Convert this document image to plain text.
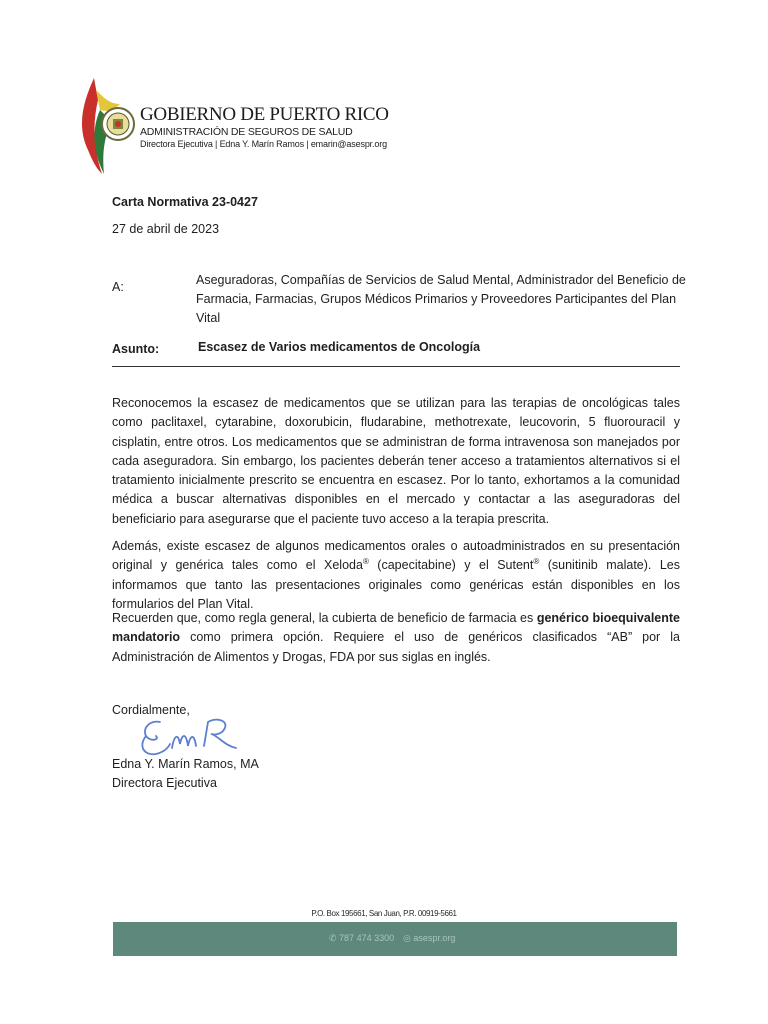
GOBIERNO DE PUERTO RICO
ADMINISTRACIÓN DE SEGUROS DE SALUD
Directora Ejecutiva | Edna Y. Marín Ramos | emarin@asespr.org
Carta Normativa 23-0427
27 de abril de 2023
A:	Aseguradoras, Compañías de Servicios de Salud Mental, Administrador del Beneficio de Farmacia, Farmacias, Grupos Médicos Primarios y Proveedores Participantes del Plan Vital
Asunto:	Escasez de Varios medicamentos de Oncología
Reconocemos la escasez de medicamentos que se utilizan para las terapias de oncológicas tales como paclitaxel, cytarabine, doxorubicin, fludarabine, methotrexate, leucovorin, 5 fluorouracil y cisplatin, entre otros. Los medicamentos que se administran de forma intravenosa son manejados por cada aseguradora. Sin embargo, los pacientes deberán tener acceso a tratamientos alternativos si el tratamiento inicialmente prescrito se encuentra en escasez. Por lo tanto, exhortamos a la comunidad médica a buscar alternativas disponibles en el mercado y contactar a las aseguradoras del beneficiario para asegurarse que el paciente tuvo acceso a la terapia prescrita.
Además, existe escasez de algunos medicamentos orales o autoadministrados en su presentación original y genérica tales como el Xeloda® (capecitabine) y el Sutent® (sunitinib malate). Les informamos que tanto las presentaciones originales como genéricas están disponibles en los formularios del Plan Vital.
Recuerden que, como regla general, la cubierta de beneficio de farmacia es genérico bioequivalente mandatorio como primera opción. Requiere el uso de genéricos clasificados “AB” por la Administración de Alimentos y Drogas, FDA por sus siglas en inglés.
Cordialmente,
Edna Y. Marín Ramos, MA
Directora Ejecutiva
P.O. Box 195661, San Juan, P.R. 00919-5661
✆ 787 474 3300 ◎ asespr.org
